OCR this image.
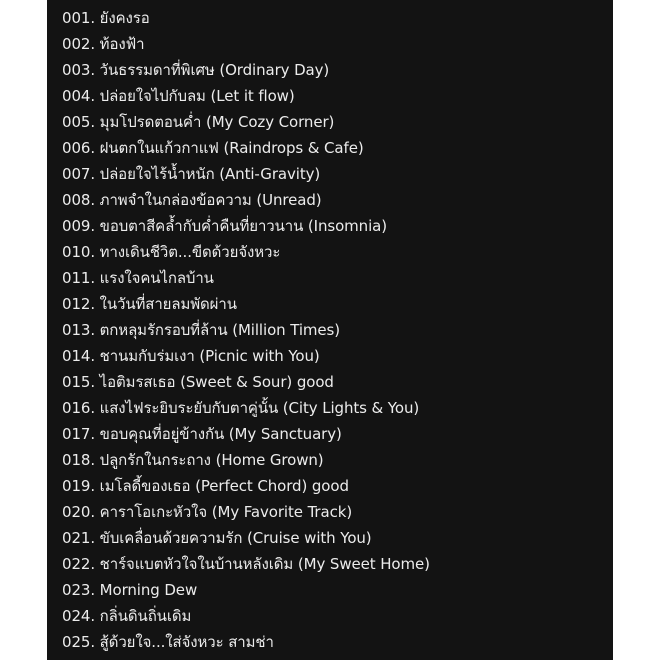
001. ยังคงรอ
002. ท้องฟ้า
003. วันธรรมดาที่พิเศษ (Ordinary Day)
004. ปล่อยใจไปกับลม (Let it flow)
005. มุมโปรดตอนค่ำ (My Cozy Corner)
006. ฝนตกในแก้วกาแฟ (Raindrops & Cafe)
007. ปล่อยใจไร้น้ำหนัก (Anti-Gravity)
008. ภาพจำในกล่องข้อความ (Unread)
009. ขอบตาสีคล้ำกับค่ำคืนที่ยาวนาน (Insomnia)
010. ทางเดินชีวิต...ขีดด้วยจังหวะ
011. แรงใจคนไกลบ้าน
012. ในวันที่สายลมพัดผ่าน
013. ตกหลุมรักรอบที่ล้าน (Million Times)
014. ชานมกับร่มเงา (Picnic with You)
015. ไอติมรสเธอ (Sweet & Sour) good
016. แสงไฟระยิบระยับกับตาคู่นั้น (City Lights & You)
017. ขอบคุณที่อยู่ข้างกัน (My Sanctuary)
018. ปลูกรักในกระถาง (Home Grown)
019. เมโลดี้ของเธอ (Perfect Chord) good
020. คาราโอเกะหัวใจ (My Favorite Track)
021. ขับเคลื่อนด้วยความรัก (Cruise with You)
022. ชาร์จแบตหัวใจในบ้านหลังเดิม (My Sweet Home)
023. Morning Dew
024. กลิ่นดินถิ่นเดิม
025. สู้ด้วยใจ...ใส่จังหวะ สามช่า
